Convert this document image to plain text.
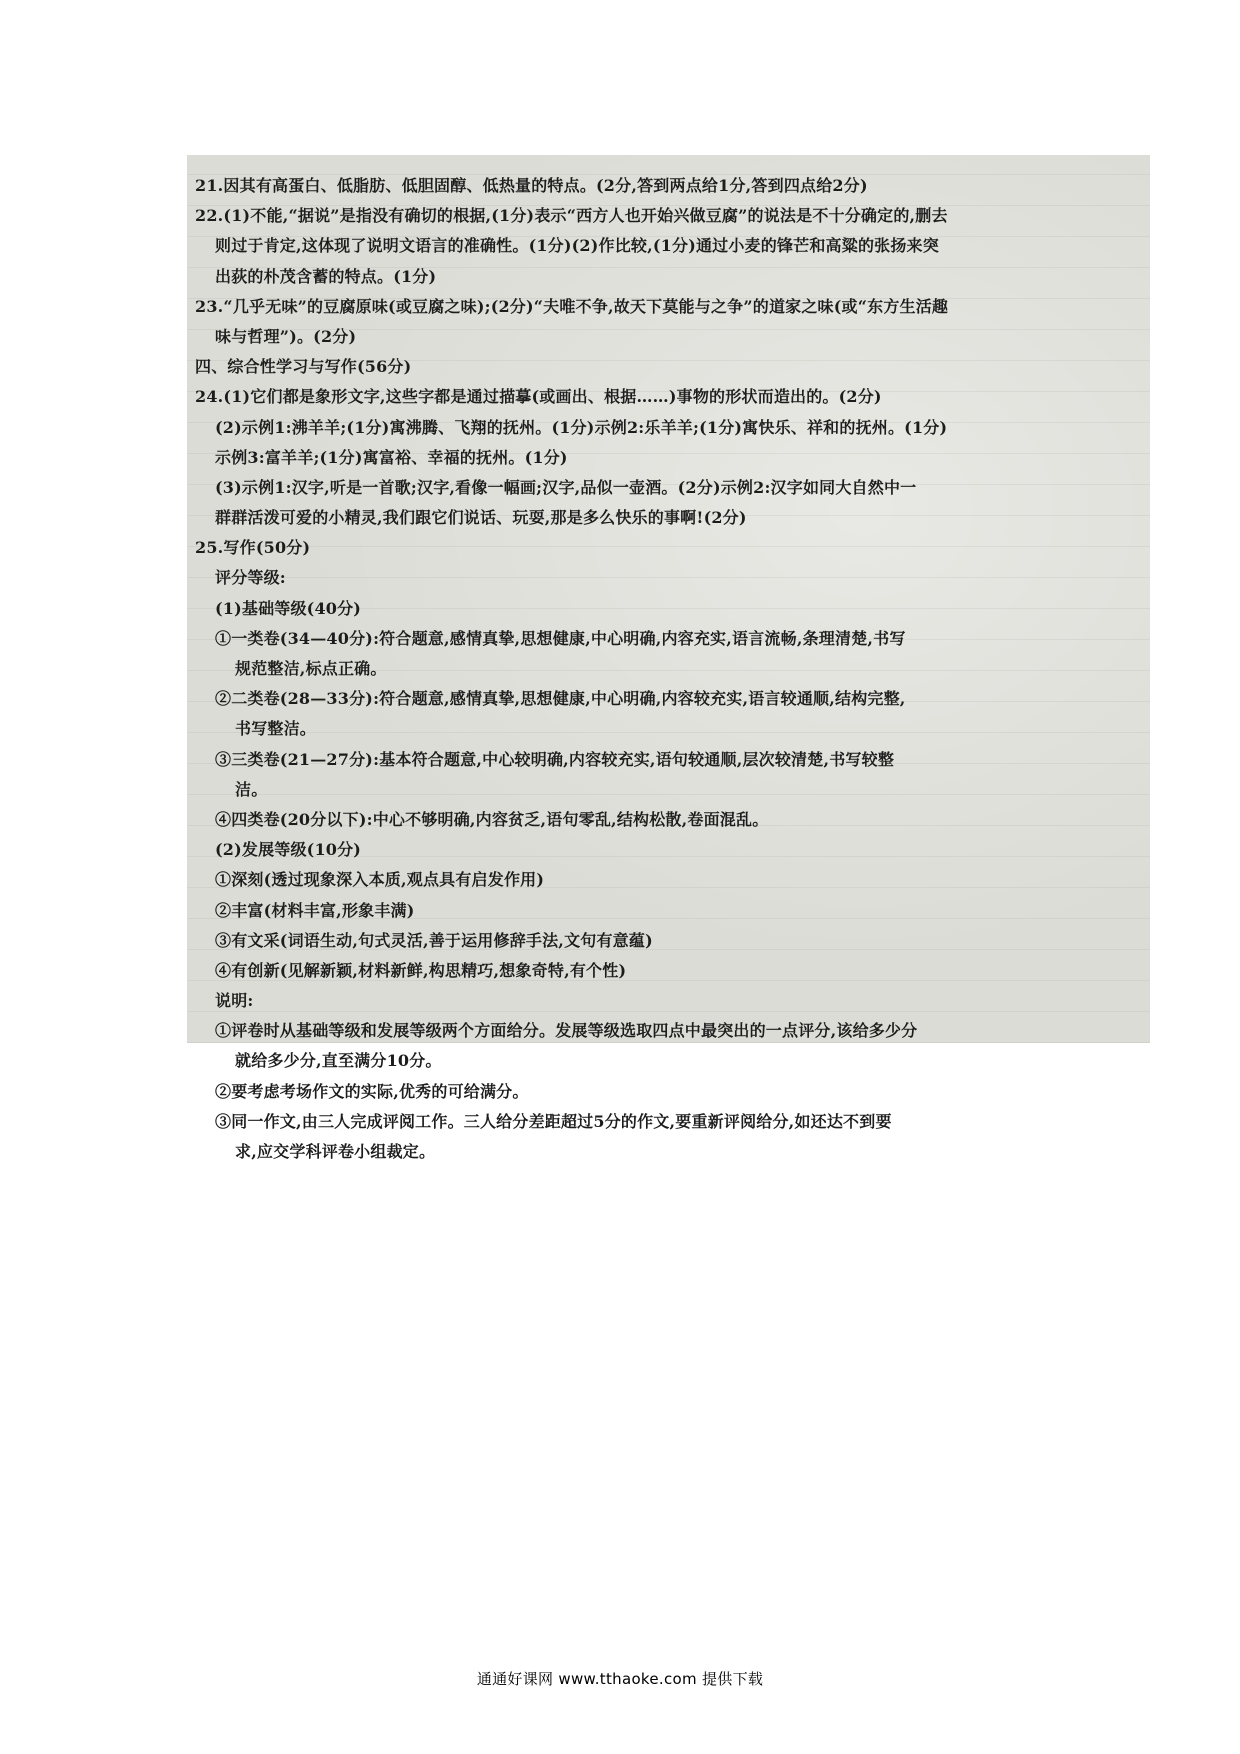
21.因其有高蛋白、低脂肪、低胆固醇、低热量的特点。(2分,答到两点给1分,答到四点给2分)
22.(1)不能,“据说”是指没有确切的根据,(1分)表示“西方人也开始兴做豆腐”的说法是不十分确定的,删去
则过于肯定,这体现了说明文语言的准确性。(1分)(2)作比较,(1分)通过小麦的锋芒和高粱的张扬来突
出荻的朴茂含蓄的特点。(1分)
23.“几乎无味”的豆腐原味(或豆腐之味);(2分)“夫唯不争,故天下莫能与之争”的道家之味(或“东方生活趣
味与哲理”)。(2分)
四、综合性学习与写作(56分)
24.(1)它们都是象形文字,这些字都是通过描摹(或画出、根据……)事物的形状而造出的。(2分)
(2)示例1:沸羊羊;(1分)寓沸腾、飞翔的抚州。(1分)示例2:乐羊羊;(1分)寓快乐、祥和的抚州。(1分)
示例3:富羊羊;(1分)寓富裕、幸福的抚州。(1分)
(3)示例1:汉字,听是一首歌;汉字,看像一幅画;汉字,品似一壶酒。(2分)示例2:汉字如同大自然中一
群群活泼可爱的小精灵,我们跟它们说话、玩耍,那是多么快乐的事啊!(2分)
25.写作(50分)
评分等级:
(1)基础等级(40分)
①一类卷(34—40分):符合题意,感情真挚,思想健康,中心明确,内容充实,语言流畅,条理清楚,书写
规范整洁,标点正确。
②二类卷(28—33分):符合题意,感情真挚,思想健康,中心明确,内容较充实,语言较通顺,结构完整,
书写整洁。
③三类卷(21—27分):基本符合题意,中心较明确,内容较充实,语句较通顺,层次较清楚,书写较整
洁。
④四类卷(20分以下):中心不够明确,内容贫乏,语句零乱,结构松散,卷面混乱。
(2)发展等级(10分)
①深刻(透过现象深入本质,观点具有启发作用)
②丰富(材料丰富,形象丰满)
③有文采(词语生动,句式灵活,善于运用修辞手法,文句有意蕴)
④有创新(见解新颖,材料新鲜,构思精巧,想象奇特,有个性)
说明:
①评卷时从基础等级和发展等级两个方面给分。发展等级选取四点中最突出的一点评分,该给多少分
就给多少分,直至满分10分。
②要考虑考场作文的实际,优秀的可给满分。
③同一作文,由三人完成评阅工作。三人给分差距超过5分的作文,要重新评阅给分,如还达不到要
求,应交学科评卷小组裁定。
通通好课网 www.tthaoke.com 提供下载
